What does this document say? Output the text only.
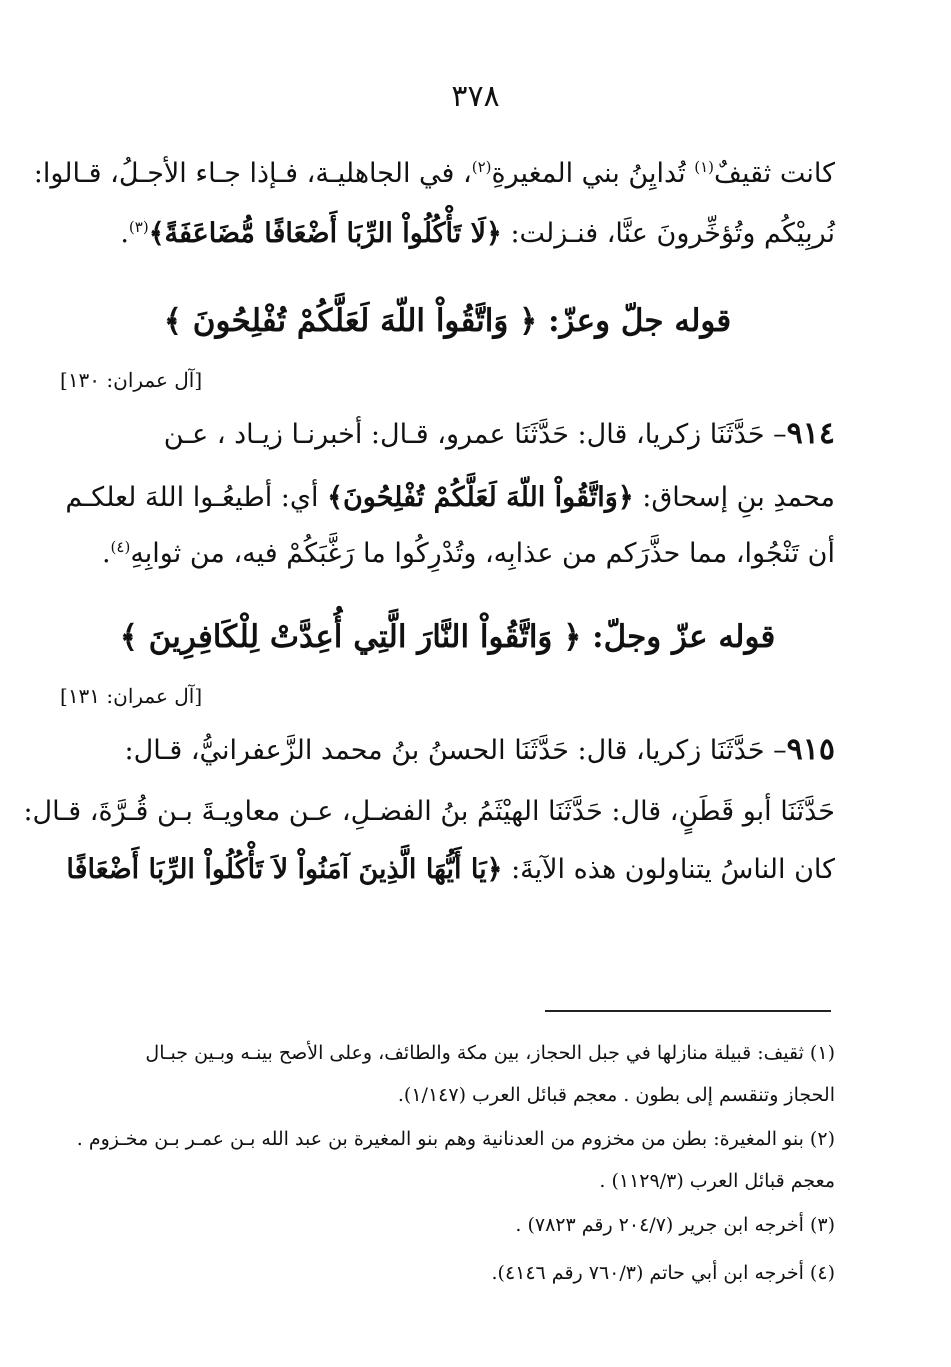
٣٧٨
كانت ثقيفٌ$^{(١)}$ تُدايِنُ بني المغيرةِ$^{(٢)}$، في الجاهليـة، فـإذا جـاء الأجـلُ، قـالوا:
نُربِيْكُم وتُؤخِّرونَ عنَّا، فنـزلت: ﴿لَا تَأْكُلُواْ الرِّبَا أَضْعَافًا مُّضَاعَفَةً﴾$^{(٣)}$.
قوله جلّ وعزّ: ﴿ وَاتَّقُواْ اللّهَ لَعَلَّكُمْ تُفْلِحُونَ ﴾
[آل عمران: ١٣٠]
٩١٤– حَدَّثَنَا زكريا، قال: حَدَّثَنَا عمرو، قـال: أخبرنـا زيـاد ، عـن
محمدِ بنِ إسحاق: ﴿وَاتَّقُواْ اللّهَ لَعَلَّكُمْ تُفْلِحُونَ﴾ أي: أطيعُـوا اللهَ لعلكـم
أن تَنْجُوا، مما حذَّرَكم من عذابِه، وتُدْرِكُوا ما رَغَّبَكُمْ فيه، من ثوابِهِ$^{(٤)}$.
قوله عزّ وجلّ: ﴿ وَاتَّقُواْ النَّارَ الَّتِي أُعِدَّتْ لِلْكَافِرِينَ ﴾
[آل عمران: ١٣١]
٩١٥– حَدَّثَنَا زكريا، قال: حَدَّثَنَا الحسنُ بنُ محمد الزَّعفرانيُّ، قـال:
حَدَّثَنَا أبو قَطَنٍ، قال: حَدَّثَنَا الهيْثَمُ بنُ الفضـلِ، عـن معاويـةَ بـن قُـرَّةَ، قـال:
كان الناسُ يتناولون هذه الآيةَ: ﴿يَا أَيُّهَا الَّذِينَ آمَنُواْ لاَ تَأْكُلُواْ الرِّبَا أَضْعَافًا
(١) ثقيف: قبيلة منازلها في جبل الحجاز، بين مكة والطائف، وعلى الأصح بينـه وبـين جبـال
الحجاز وتنقسم إلى بطون . معجم قبائل العرب (١/١٤٧).
(٢) بنو المغيرة: بطن من مخزوم من العدنانية وهم بنو المغيرة بن عبد الله بـن عمـر بـن مخـزوم .
معجم قبائل العرب (١١٢٩/٣) .
(٣) أخرجه ابن جرير (٢٠٤/٧ رقم ٧٨٢٣) .
(٤) أخرجه ابن أبي حاتم (٧٦٠/٣ رقم ٤١٤٦).
